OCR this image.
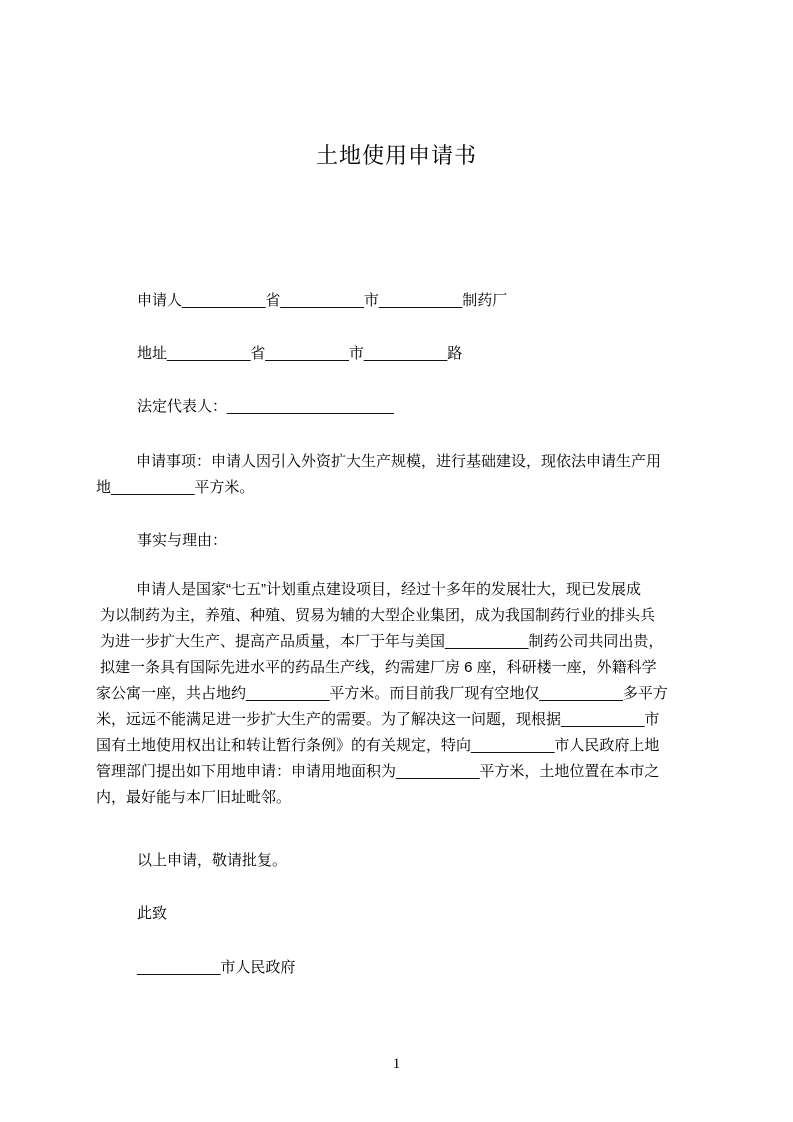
土地使用申请书
申请人__________省__________市__________制药厂
地址__________省__________市__________路
法定代表人：____________________
申请事项：申请人因引入外资扩大生产规模，进行基础建设，现依法申请生产用
地__________平方米。
事实与理由：
申请人是国家“七五”计划重点建设项目，经过十多年的发展壮大，现已发展成
为以制药为主，养殖、种殖、贸易为辅的大型企业集团，成为我国制药行业的排头兵
为进一步扩大生产、提高产品质量，本厂于年与美国__________制药公司共同出贵，
拟建一条具有国际先进水平的药品生产线，约需建厂房 6 座，科研楼一座，外籍科学
家公寓一座，共占地约__________平方米。而目前我厂现有空地仅__________多平方
米，远远不能满足进一步扩大生产的需要。为了解决这一问题，现根据__________市
国有土地使用权出让和转让暂行条例》的有关规定，特向__________市人民政府上地
管理部门提出如下用地申请：申请用地面积为__________平方米，土地位置在本市之
内，最好能与本厂旧址毗邻。
以上申请，敬请批复。
此致
__________市人民政府
1
